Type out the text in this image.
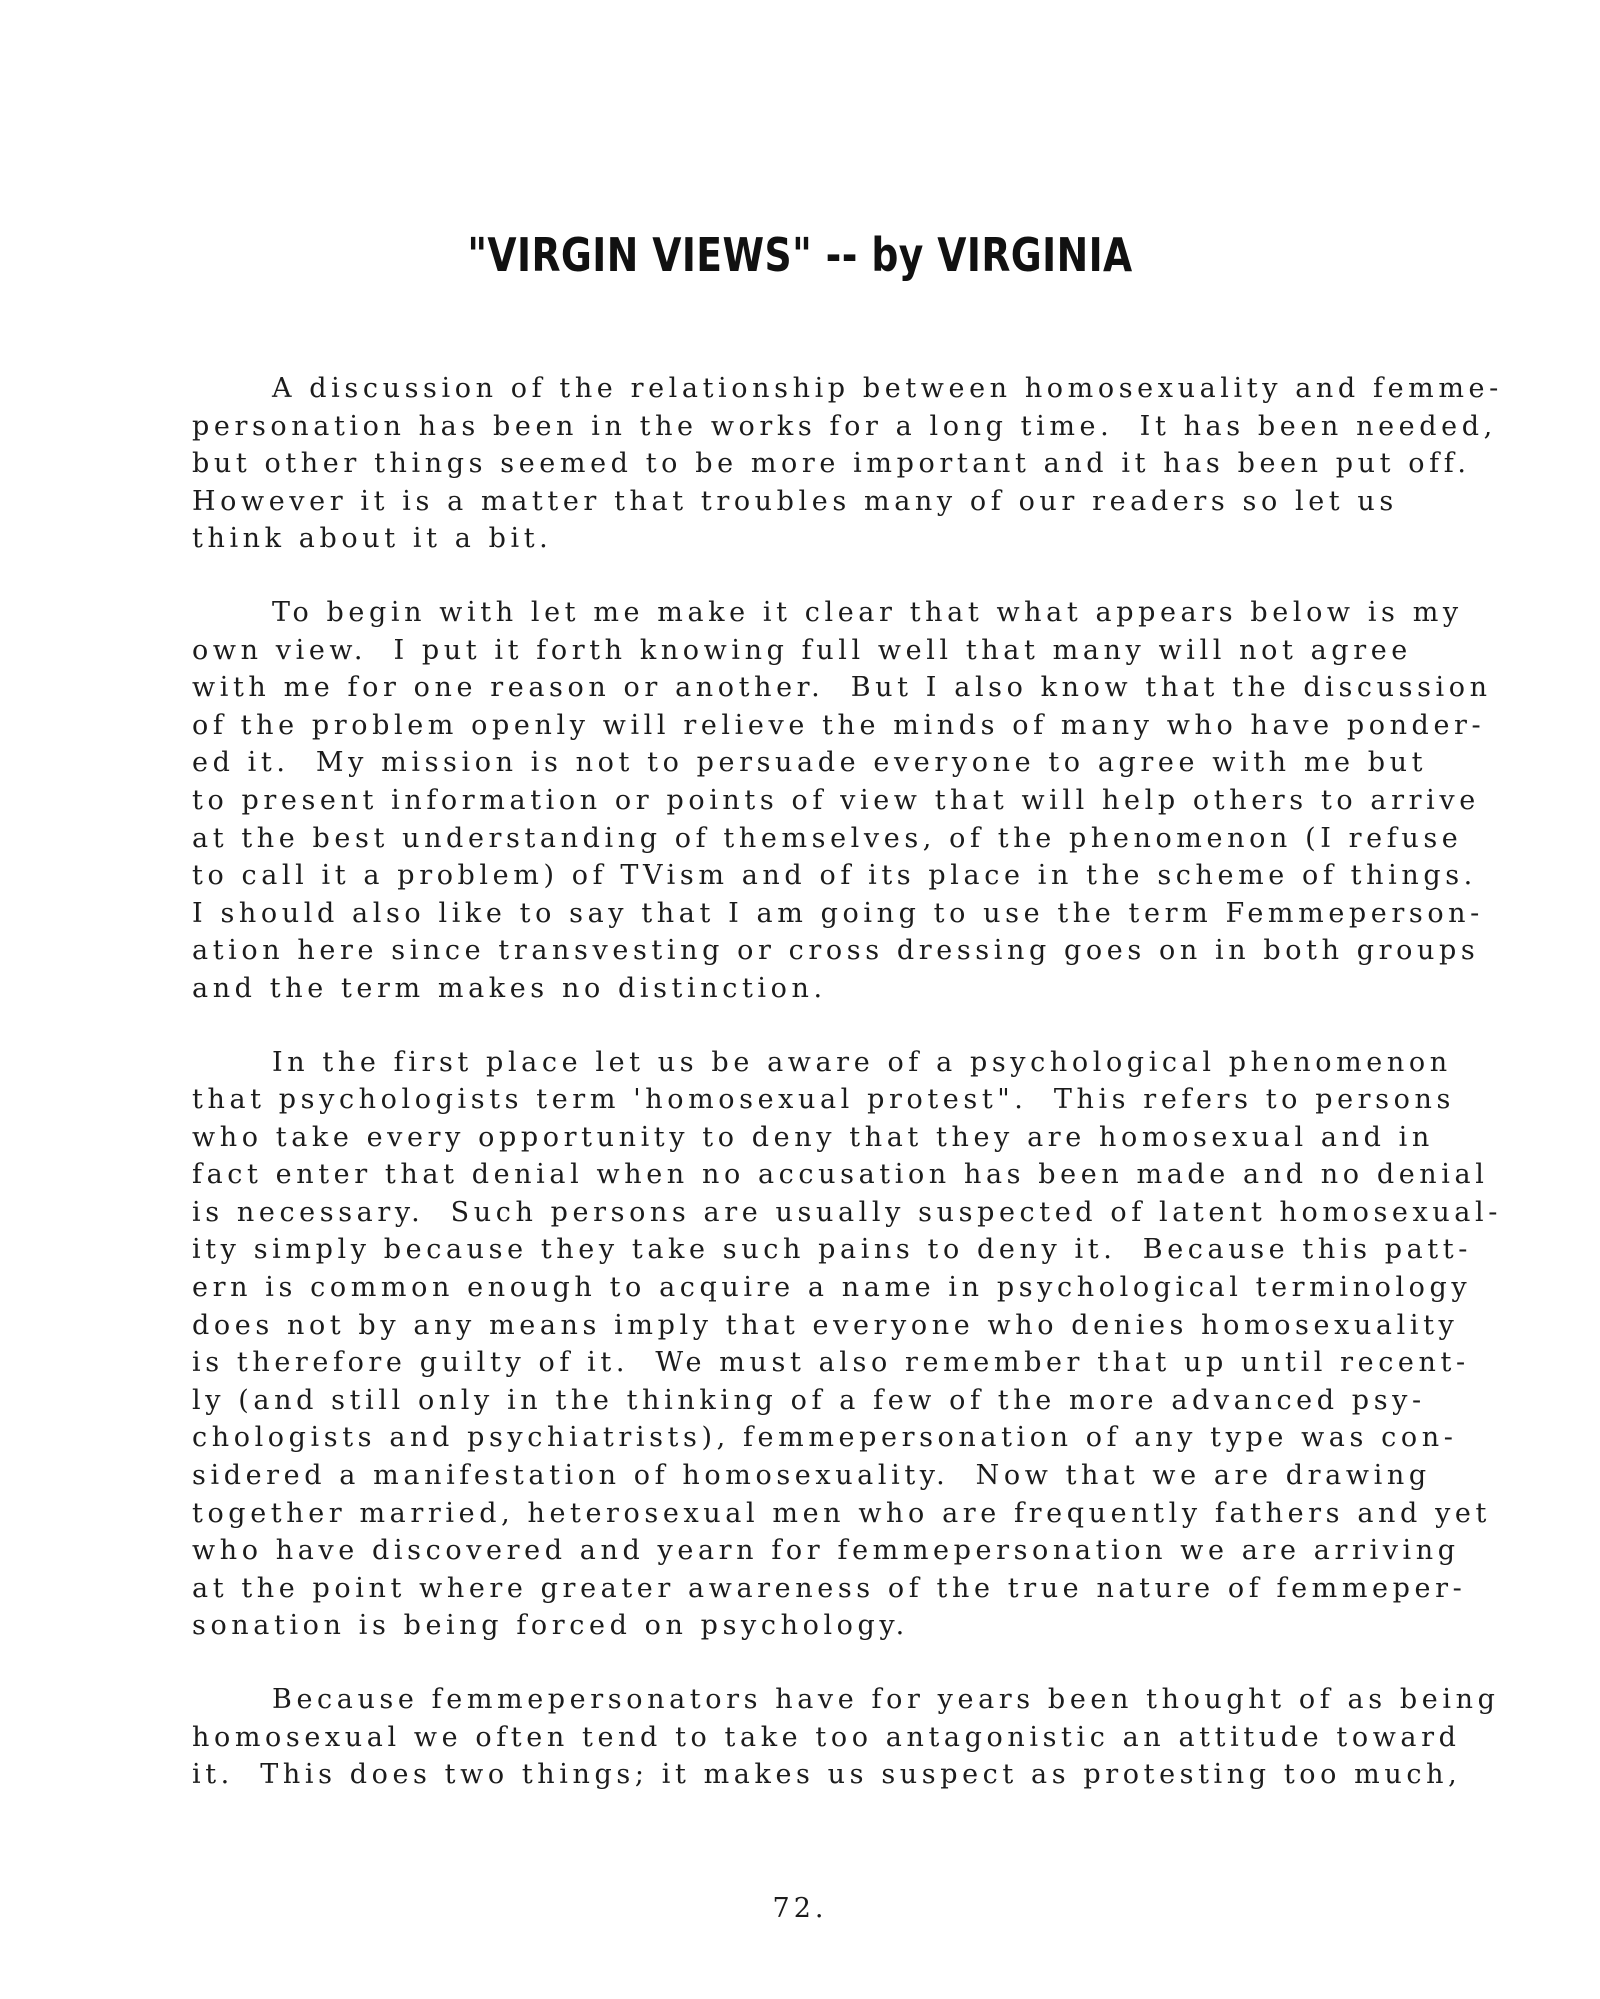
"VIRGIN VIEWS" -- by VIRGINIA
A discussion of the relationship between homosexuality and femme-
personation has been in the works for a long time.  It has been needed,
but other things seemed to be more important and it has been put off.
However it is a matter that troubles many of our readers so let us
think about it a bit.
To begin with let me make it clear that what appears below is my
own view.  I put it forth knowing full well that many will not agree
with me for one reason or another.  But I also know that the discussion
of the problem openly will relieve the minds of many who have ponder-
ed it.  My mission is not to persuade everyone to agree with me but
to present information or points of view that will help others to arrive
at the best understanding of themselves, of the phenomenon (I refuse
to call it a problem) of TVism and of its place in the scheme of things.
I should also like to say that I am going to use the term Femmeperson-
ation here since transvesting or cross dressing goes on in both groups
and the term makes no distinction.
In the first place let us be aware of a psychological phenomenon
that psychologists term 'homosexual protest".  This refers to persons
who take every opportunity to deny that they are homosexual and in
fact enter that denial when no accusation has been made and no denial
is necessary.  Such persons are usually suspected of latent homosexual-
ity simply because they take such pains to deny it.  Because this patt-
ern is common enough to acquire a name in psychological terminology
does not by any means imply that everyone who denies homosexuality
is therefore guilty of it.  We must also remember that up until recent-
ly (and still only in the thinking of a few of the more advanced psy-
chologists and psychiatrists), femmepersonation of any type was con-
sidered a manifestation of homosexuality.  Now that we are drawing
together married, heterosexual men who are frequently fathers and yet
who have discovered and yearn for femmepersonation we are arriving
at the point where greater awareness of the true nature of femmeper-
sonation is being forced on psychology.
Because femmepersonators have for years been thought of as being
homosexual we often tend to take too antagonistic an attitude toward
it.  This does two things; it makes us suspect as protesting too much,
72.
